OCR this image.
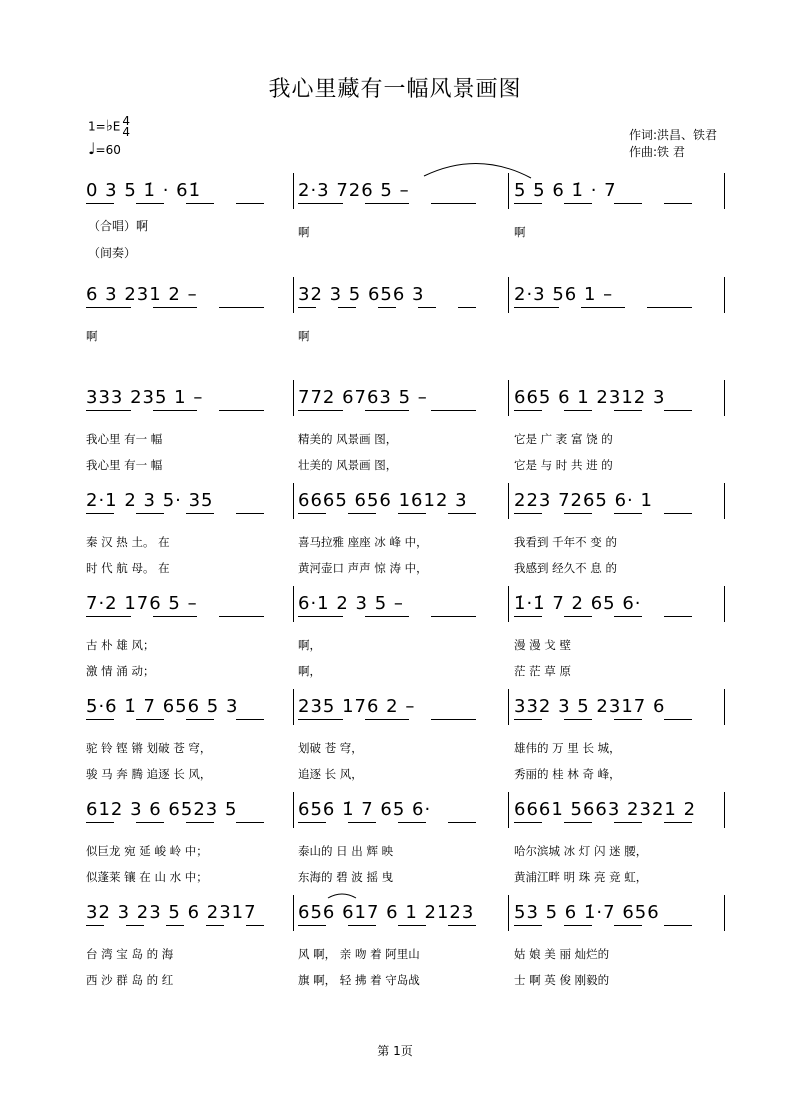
我心里藏有一幅风景画图
1=♭E 4
4
♩=60
作词:洪昌、铁君
作曲:铁 君
（合唱）啊
（间奏）
0 3 5 1̇ · 61̇	2·3 726 5 –	5 5 6 1̇ · 7
6 3 231 2 –	32 3 5 656 3	2·3 56 1 –
333 235 1 –	772 6763 5 –	665 6 1 2312 3
2·1 2 3 5· 35	6665 656 1612 3	223 7265 6· 1
7·2 176 5 –	6·1 2 3 5 –	1̇·1̇ 7 2 65 6·
5·6 1̇ 7 656 5 3	235 176 2 –	332 3 5 2317 6
612 3 6 6523 5	656 1̇ 7 65 6·	6661 5663 2321 2
32 3 23 5 6 2317 656 617 6 1 2123 53 5 6 1̇·7 656
啊	啊
啊	啊
我心里 有一 幅	精美的 风景画 图，	它是 广 袤 富 饶 的
我心里 有一 幅	壮美的 风景画 图，	它是 与 时 共 进 的
秦 汉 热 土。 在	喜马拉雅 座座 冰 峰 中，	我看到 千年不 变 的
时 代 航 母。 在	黄河壶口 声声 惊 涛 中，	我感到 经久不 息 的
古 朴 雄 风；	啊，	漫 漫 戈 壁
激 情 涌 动；	啊，	茫 茫 草 原
驼 铃 铿 锵 划破 苍 穹，	划破 苍 穹，	雄伟的 万 里 长 城，
骏 马 奔 腾 追逐 长 风，	追逐 长 风，	秀丽的 桂 林 奇 峰，
似巨龙 宛 延 峻 岭 中；	泰山的 日 出 辉 映	哈尔滨城 冰 灯 闪 迷 腰，
似蓬莱 镶 在 山 水 中；	东海的 碧 波 摇 曳	黄浦江畔 明 珠 亮 竞 虹，
台 湾 宝 岛 的 海	风 啊， 亲 吻 着 阿里山	姑 娘 美 丽 灿烂的
西 沙 群 岛 的 红	旗 啊， 轻 拂 着 守岛战	士 啊 英 俊 刚毅的
第 1页
